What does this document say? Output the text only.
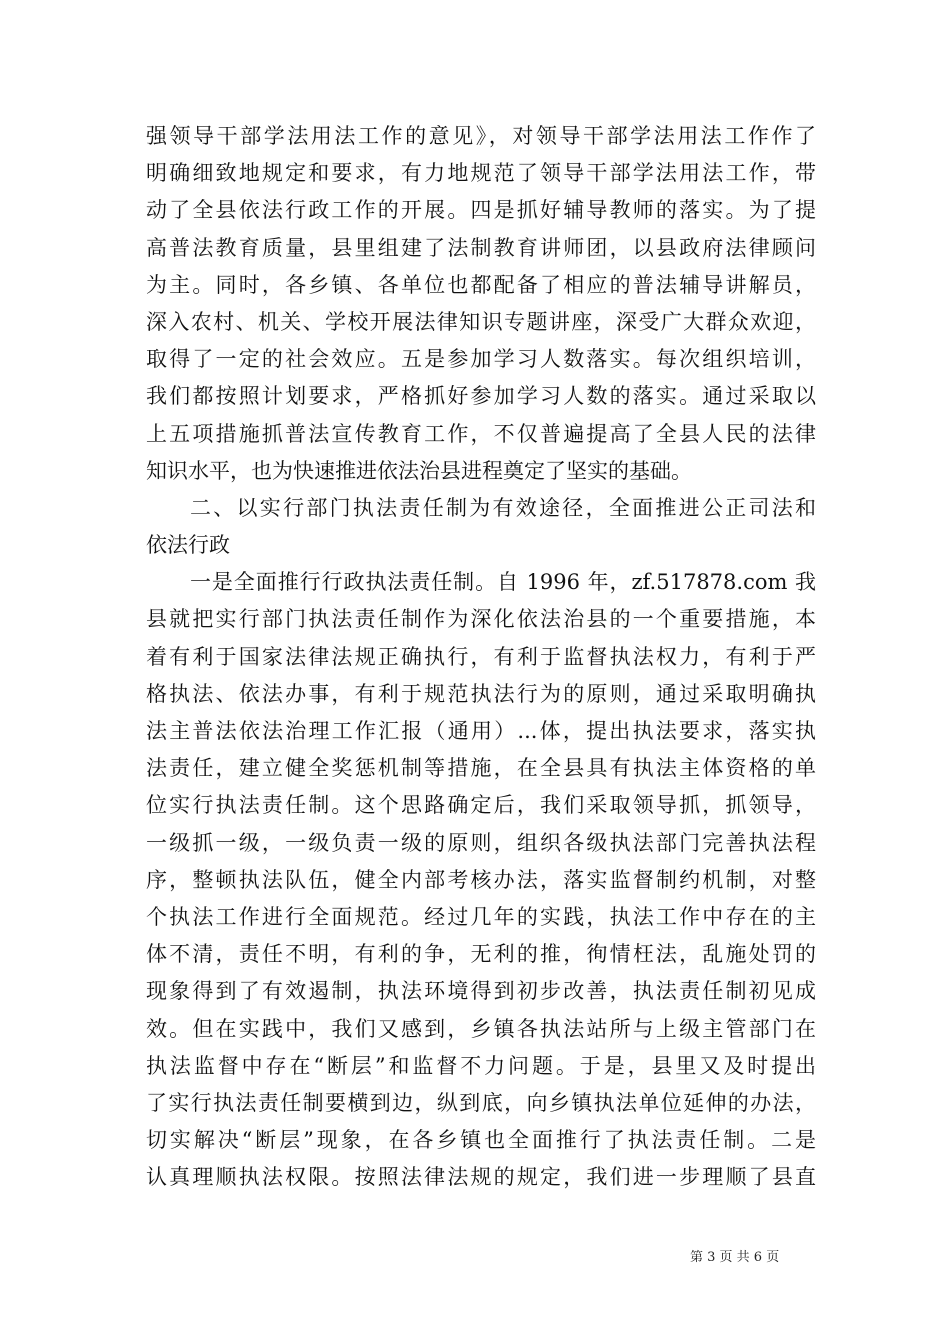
强领导干部学法用法工作的意见》，对领导干部学法用法工作作了
明确细致地规定和要求，有力地规范了领导干部学法用法工作，带
动了全县依法行政工作的开展。四是抓好辅导教师的落实。为了提
高普法教育质量，县里组建了法制教育讲师团，以县政府法律顾问
为主。同时，各乡镇、各单位也都配备了相应的普法辅导讲解员，
深入农村、机关、学校开展法律知识专题讲座，深受广大群众欢迎，
取得了一定的社会效应。五是参加学习人数落实。每次组织培训，
我们都按照计划要求，严格抓好参加学习人数的落实。通过采取以
上五项措施抓普法宣传教育工作，不仅普遍提高了全县人民的法律
知识水平，也为快速推进依法治县进程奠定了坚实的基础。
二、以实行部门执法责任制为有效途径，全面推进公正司法和
依法行政
一是全面推行行政执法责任制。自 1996 年，zf.517878.com 我
县就把实行部门执法责任制作为深化依法治县的一个重要措施，本
着有利于国家法律法规正确执行，有利于监督执法权力，有利于严
格执法、依法办事，有利于规范执法行为的原则，通过采取明确执
法主普法依法治理工作汇报（通用）...体，提出执法要求，落实执
法责任，建立健全奖惩机制等措施，在全县具有执法主体资格的单
位实行执法责任制。这个思路确定后，我们采取领导抓，抓领导，
一级抓一级，一级负责一级的原则，组织各级执法部门完善执法程
序，整顿执法队伍，健全内部考核办法，落实监督制约机制，对整
个执法工作进行全面规范。经过几年的实践，执法工作中存在的主
体不清，责任不明，有利的争，无利的推，徇情枉法，乱施处罚的
现象得到了有效遏制，执法环境得到初步改善，执法责任制初见成
效。但在实践中，我们又感到，乡镇各执法站所与上级主管部门在
执法监督中存在“断层”和监督不力问题。于是，县里又及时提出
了实行执法责任制要横到边，纵到底，向乡镇执法单位延伸的办法，
切实解决“断层”现象，在各乡镇也全面推行了执法责任制。二是
认真理顺执法权限。按照法律法规的规定，我们进一步理顺了县直
第 3 页 共 6 页
